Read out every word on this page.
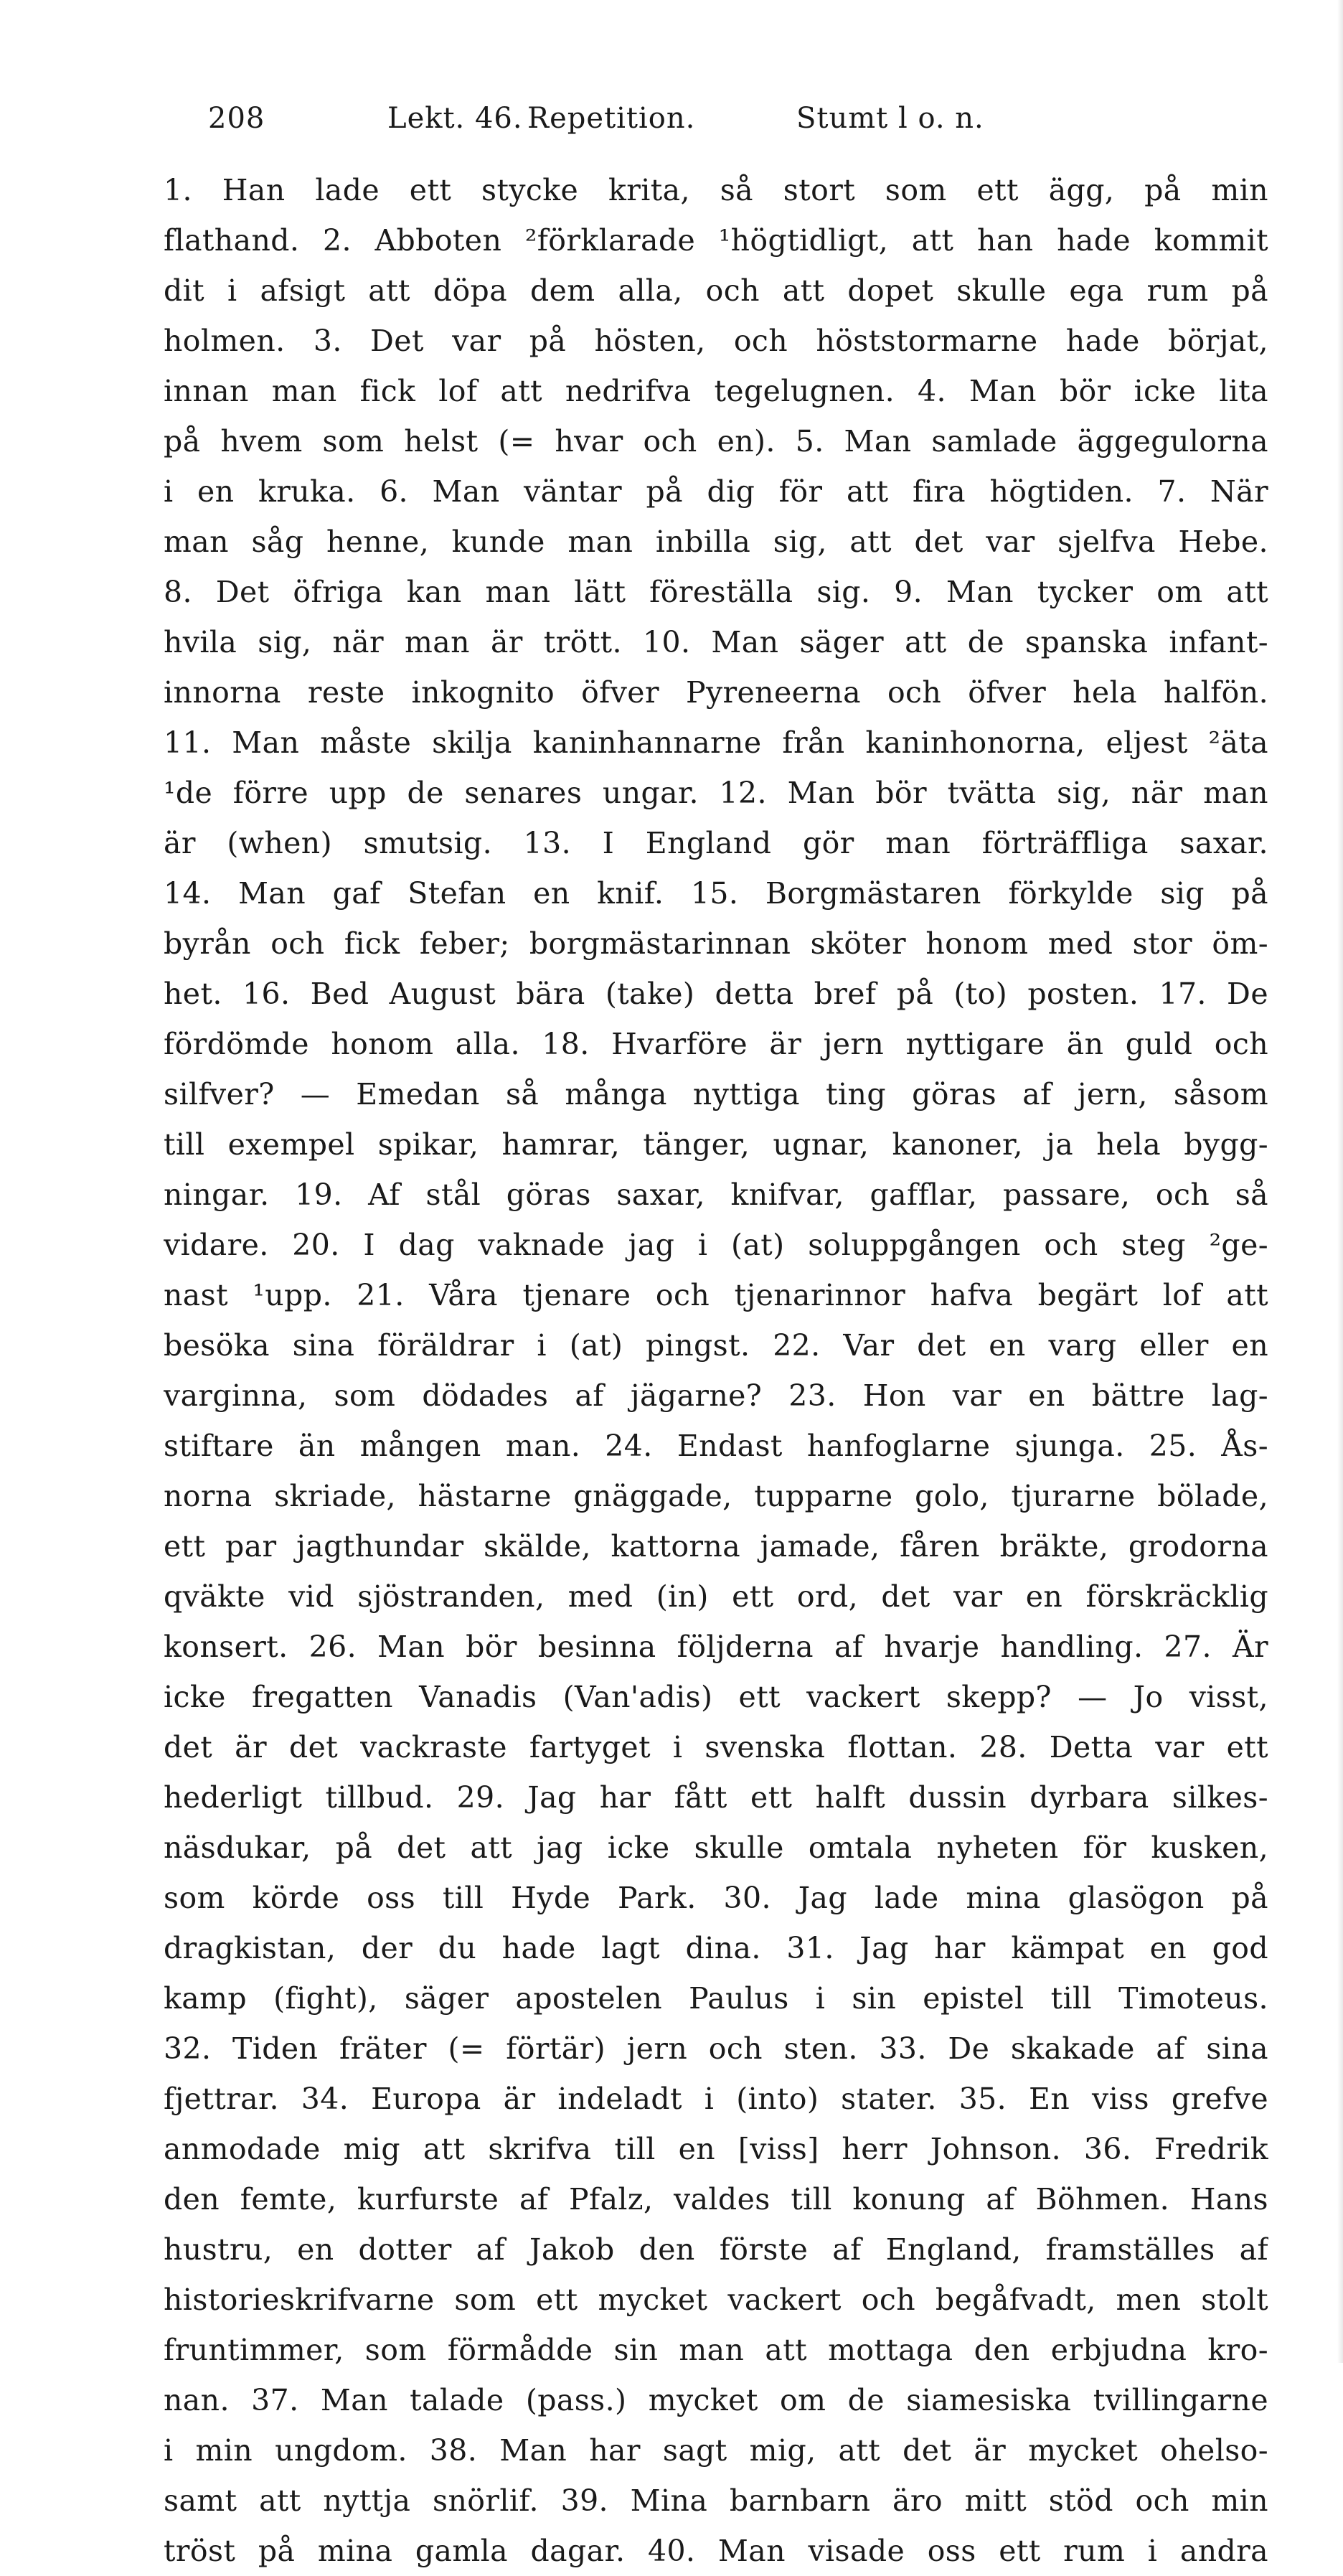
208	Lekt. 46. Repetition.	Stumt l o. n.
1. Han lade ett stycke krita, så stort som ett ägg, på min
flathand. 2. Abboten ²förklarade ¹högtidligt, att han hade kommit
dit i afsigt att döpa dem alla, och att dopet skulle ega rum på
holmen. 3. Det var på hösten, och höststormarne hade börjat,
innan man fick lof att nedrifva tegelugnen. 4. Man bör icke lita
på hvem som helst (= hvar och en). 5. Man samlade äggegulorna
i en kruka. 6. Man väntar på dig för att fira högtiden. 7. När
man såg henne, kunde man inbilla sig, att det var sjelfva Hebe.
8. Det öfriga kan man lätt föreställa sig. 9. Man tycker om att
hvila sig, när man är trött. 10. Man säger att de spanska infant-
innorna reste inkognito öfver Pyreneerna och öfver hela halfön.
11. Man måste skilja kaninhannarne från kaninhonorna, eljest ²äta
¹de förre upp de senares ungar. 12. Man bör tvätta sig, när man
är (when) smutsig. 13. I England gör man förträffliga saxar.
14. Man gaf Stefan en knif. 15. Borgmästaren förkylde sig på
byrån och fick feber; borgmästarinnan sköter honom med stor öm-
het. 16. Bed August bära (take) detta bref på (to) posten. 17. De
fördömde honom alla. 18. Hvarföre är jern nyttigare än guld och
silfver? — Emedan så många nyttiga ting göras af jern, såsom
till exempel spikar, hamrar, tänger, ugnar, kanoner, ja hela bygg-
ningar. 19. Af stål göras saxar, knifvar, gafflar, passare, och så
vidare. 20. I dag vaknade jag i (at) soluppgången och steg ²ge-
nast ¹upp. 21. Våra tjenare och tjenarinnor hafva begärt lof att
besöka sina föräldrar i (at) pingst. 22. Var det en varg eller en
varginna, som dödades af jägarne? 23. Hon var en bättre lag-
stiftare än mången man. 24. Endast hanfoglarne sjunga. 25. Ås-
norna skriade, hästarne gnäggade, tupparne golo, tjurarne bölade,
ett par jagthundar skälde, kattorna jamade, fåren bräkte, grodorna
qväkte vid sjöstranden, med (in) ett ord, det var en förskräcklig
konsert. 26. Man bör besinna följderna af hvarje handling. 27. Är
icke fregatten Vanadis (Van'adis) ett vackert skepp? — Jo visst,
det är det vackraste fartyget i svenska flottan. 28. Detta var ett
hederligt tillbud. 29. Jag har fått ett halft dussin dyrbara silkes-
näsdukar, på det att jag icke skulle omtala nyheten för kusken,
som körde oss till Hyde Park. 30. Jag lade mina glasögon på
dragkistan, der du hade lagt dina. 31. Jag har kämpat en god
kamp (fight), säger apostelen Paulus i sin epistel till Timoteus.
32. Tiden fräter (= förtär) jern och sten. 33. De skakade af sina
fjettrar. 34. Europa är indeladt i (into) stater. 35. En viss grefve
anmodade mig att skrifva till en [viss] herr Johnson. 36. Fredrik
den femte, kurfurste af Pfalz, valdes till konung af Böhmen. Hans
hustru, en dotter af Jakob den förste af England, framställes af
historieskrifvarne som ett mycket vackert och begåfvadt, men stolt
fruntimmer, som förmådde sin man att mottaga den erbjudna kro-
nan. 37. Man talade (pass.) mycket om de siamesiska tvillingarne
i min ungdom. 38. Man har sagt mig, att det är mycket ohelso-
samt att nyttja snörlif. 39. Mina barnbarn äro mitt stöd och min
tröst på mina gamla dagar. 40. Man visade oss ett rum i andra
